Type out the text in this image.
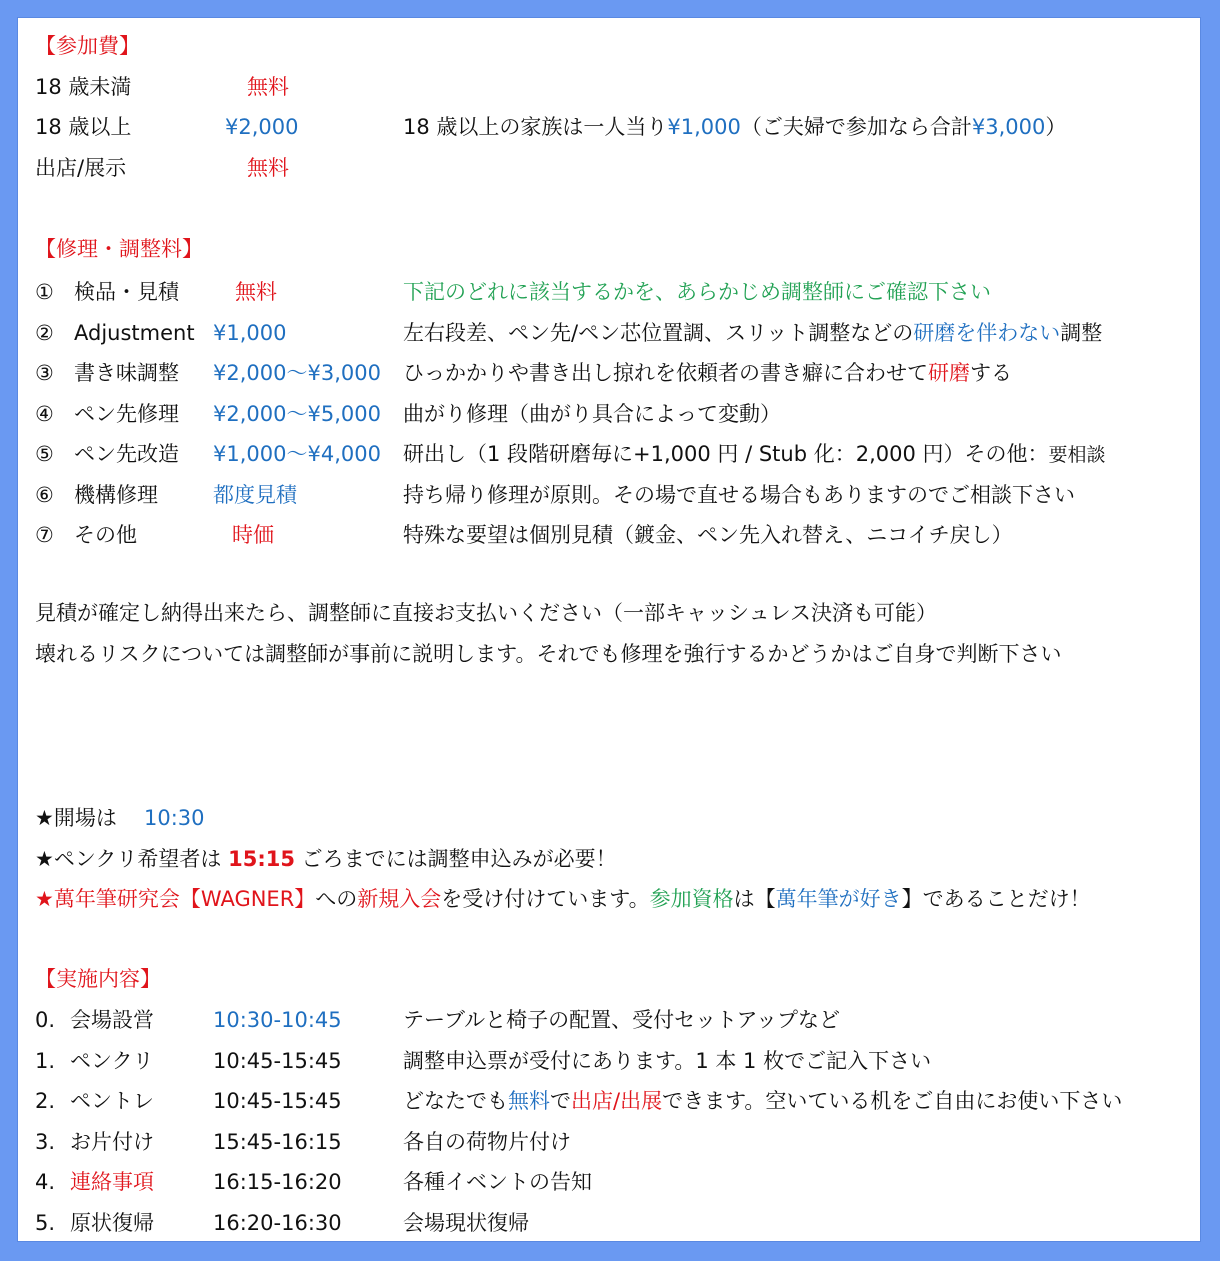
【参加費】
18 歳未満	無料
18 歳以上	¥2,000	18 歳以上の家族は一人当り¥1,000（ご夫婦で参加なら合計¥3,000）
出店/展示	無料
【修理・調整料】
① 検品・見積	無料	下記のどれに該当するかを、あらかじめ調整師にご確認下さい
② Adjustment ¥1,000	左右段差、ペン先/ペン芯位置調、スリット調整などの研磨を伴わない調整
③ 書き味調整 ¥2,000～¥3,000 ひっかかりや書き出し掠れを依頼者の書き癖に合わせて研磨する
④ ペン先修理 ¥2,000～¥5,000 曲がり修理（曲がり具合によって変動）
⑤ ペン先改造 ¥1,000～¥4,000 研出し（1 段階研磨毎に+1,000 円 / Stub 化：2,000 円）その他：要相談
⑥ 機構修理	都度見積	持ち帰り修理が原則。その場で直せる場合もありますのでご相談下さい
⑦ その他	時価	特殊な要望は個別見積（鍍金、ペン先入れ替え、ニコイチ戻し）
見積が確定し納得出来たら、調整師に直接お支払いください（一部キャッシュレス決済も可能）
壊れるリスクについては調整師が事前に説明します。それでも修理を強行するかどうかはご自身で判断下さい
★開場は 10:30
★ペンクリ希望者は 15:15 ごろまでには調整申込みが必要！
★萬年筆研究会【WAGNER】への新規入会を受け付けています。参加資格は【萬年筆が好き】であることだけ！
【実施内容】
0. 会場設営	10:30-10:45	テーブルと椅子の配置、受付セットアップなど
1. ペンクリ	10:45-15:45	調整申込票が受付にあります。1 本 1 枚でご記入下さい
2. ペントレ	10:45-15:45	どなたでも無料で出店/出展できます。空いている机をご自由にお使い下さい
3. お片付け	15:45-16:15	各自の荷物片付け
4. 連絡事項	16:15-16:20	各種イベントの告知
5. 原状復帰	16:20-16:30	会場現状復帰
